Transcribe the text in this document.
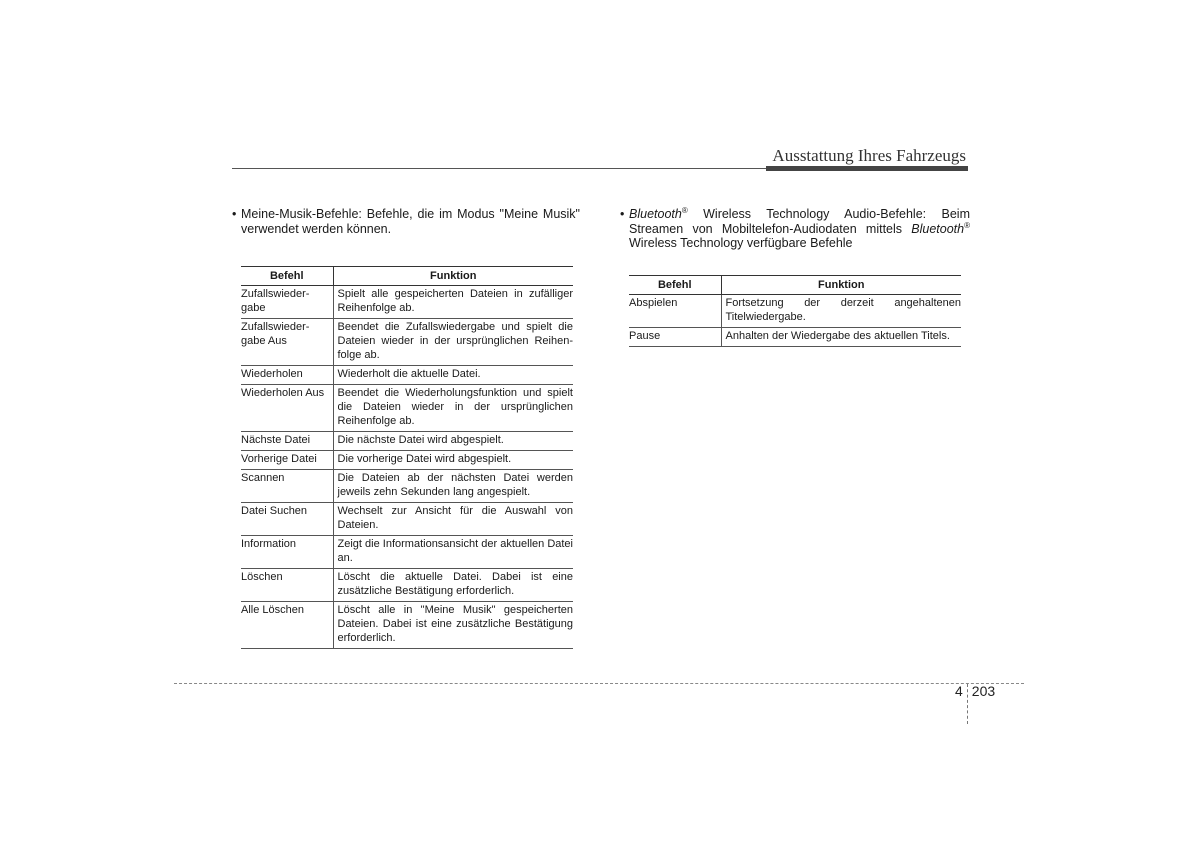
Ausstattung Ihres Fahrzeugs
• Meine-Musik-Befehle: Befehle, die im Modus "Meine Musik" verwendet werden können.
Befehl	Funktion
Zufallswieder-gabe	Spielt alle gespeicherten Dateien in zufälliger Reihenfolge ab.
Zufallswieder-gabe Aus	Beendet die Zufallswiedergabe und spielt die Dateien wieder in der ursprünglichen Reihen-folge ab.
Wiederholen	Wiederholt die aktuelle Datei.
Wiederholen Aus	Beendet die Wiederholungsfunktion und spielt die Dateien wieder in der ursprünglichen Reihenfolge ab.
Nächste Datei	Die nächste Datei wird abgespielt.
Vorherige Datei	Die vorherige Datei wird abgespielt.
Scannen	Die Dateien ab der nächsten Datei werden jeweils zehn Sekunden lang angespielt.
Datei Suchen	Wechselt zur Ansicht für die Auswahl von Dateien.
Information	Zeigt die Informationsansicht der aktuellen Datei an.
Löschen	Löscht die aktuelle Datei. Dabei ist eine zusätzliche Bestätigung erforderlich.
Alle Löschen	Löscht alle in "Meine Musik" gespeicherten Dateien. Dabei ist eine zusätzliche Bestätigung erforderlich.
• Bluetooth® Wireless Technology Audio-Befehle: Beim Streamen von Mobiltelefon-Audiodaten mittels Bluetooth® Wireless Technology verfügbare Befehle
Befehl	Funktion
Abspielen	Fortsetzung der derzeit angehaltenen Titelwiedergabe.
Pause	Anhalten der Wiedergabe des aktuellen Titels.
4 203
